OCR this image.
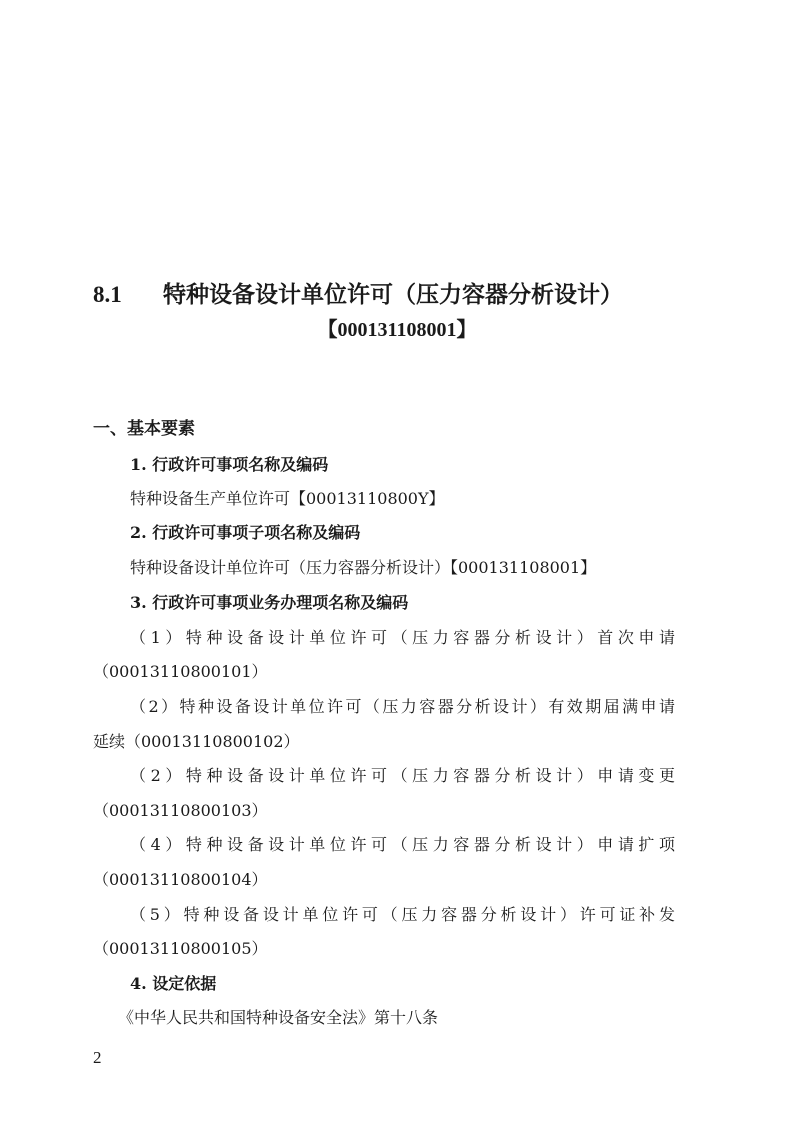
8.1 特种设备设计单位许可（压力容器分析设计）
【000131108001】
一、基本要素
1. 行政许可事项名称及编码
特种设备生产单位许可【00013110800Y】
2. 行政许可事项子项名称及编码
特种设备设计单位许可（压力容器分析设计）【000131108001】
3. 行政许可事项业务办理项名称及编码
（1）特种设备设计单位许可（压力容器分析设计）首次申请
（00013110800101）
（2）特种设备设计单位许可（压力容器分析设计）有效期届满申请
延续（00013110800102）
（2）特种设备设计单位许可（压力容器分析设计）申请变更
（00013110800103）
（4）特种设备设计单位许可（压力容器分析设计）申请扩项
（00013110800104）
（5）特种设备设计单位许可（压力容器分析设计）许可证补发
（00013110800105）
4. 设定依据
《中华人民共和国特种设备安全法》第十八条
2
